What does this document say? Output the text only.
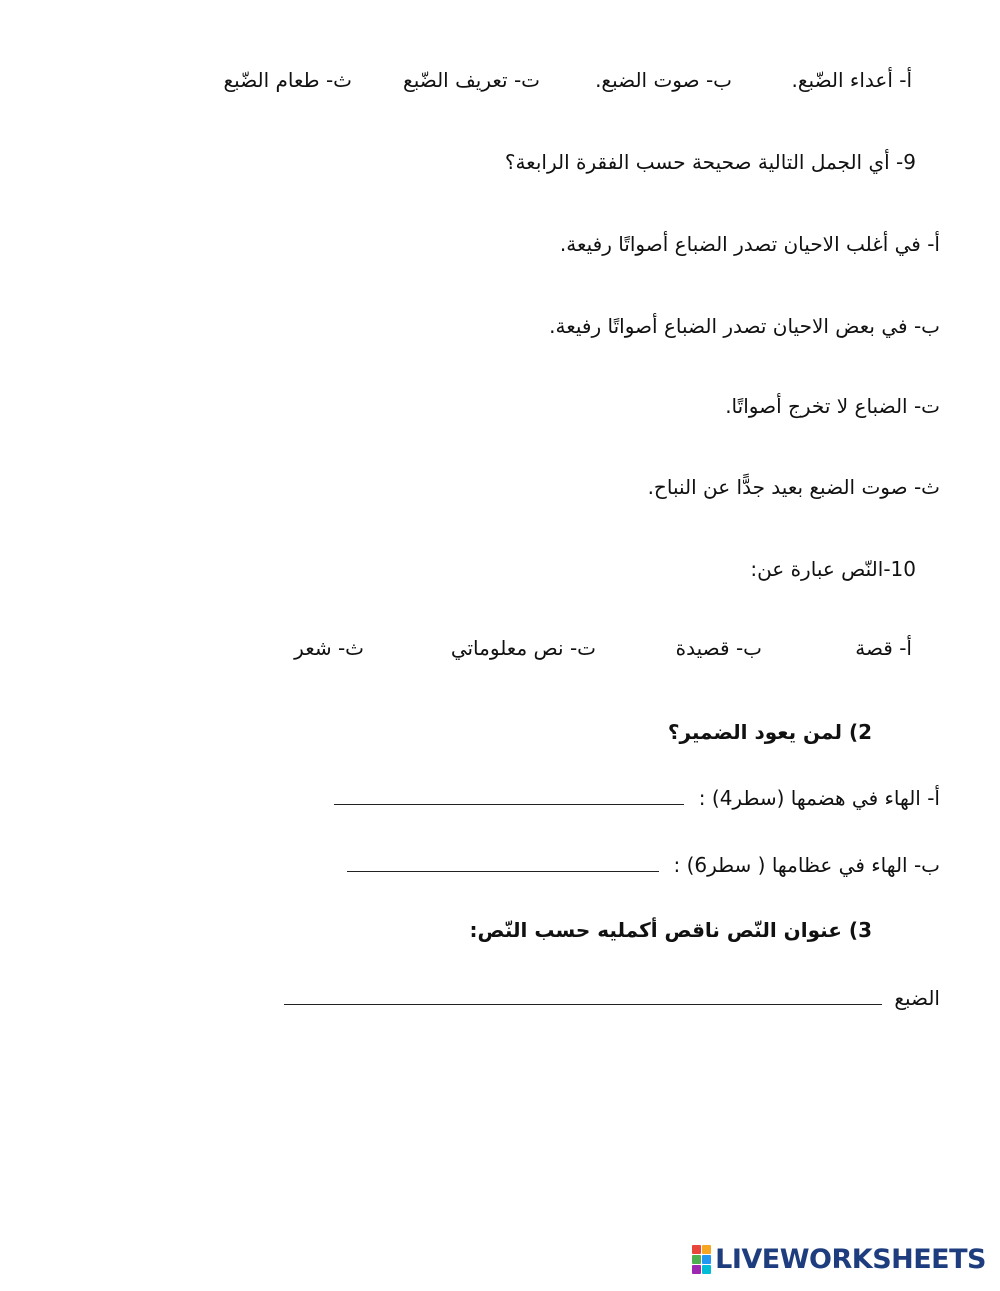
أ- أعداء الضّبع.
ب- صوت الضبع.
ت- تعريف الضّبع
ث- طعام الضّبع
9- أي الجمل التالية صحيحة حسب الفقرة الرابعة؟
أ- في أغلب الاحيان تصدر الضباع أصواتًا رفيعة.
ب- في بعض الاحيان تصدر الضباع أصواتًا رفيعة.
ت- الضباع لا تخرج أصواتًا.
ث- صوت الضبع بعيد جدًّا عن النباح.
10-النّص عبارة عن:
أ- قصة
ب- قصيدة
ت- نص معلوماتي
ث- شعر
2) لمن يعود الضمير؟
أ- الهاء في هضمها (سطر4) :
ب- الهاء في عظامها ( سطر6) :
3) عنوان النّص ناقص أكمليه حسب النّص:
الضبع
LIVEWORKSHEETS
